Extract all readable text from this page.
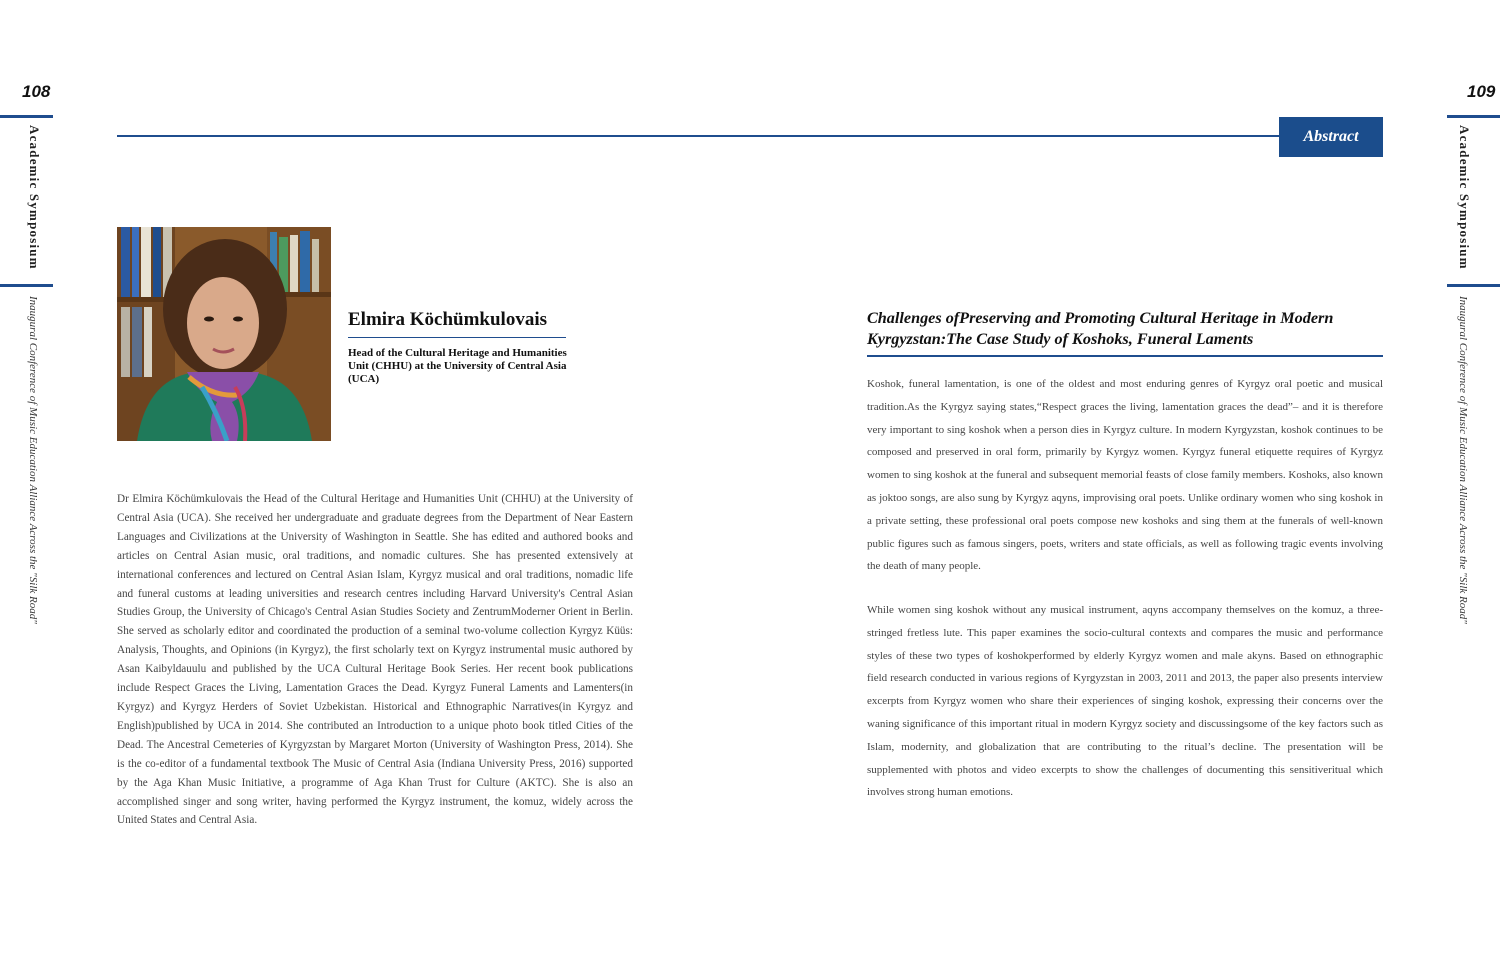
108
Academic Symposium
Inaugural Conference of Music Education Alliance Across the "Silk Road"
109
Academic Symposium
Inaugural Conference of Music Education Alliance Across the "Silk Road"
Abstract
Elmira Köchümkulovais
Head of the Cultural Heritage and Humanities Unit (CHHU) at the University of Central Asia (UCA)

Dr Elmira Köchümkulovais the Head of the Cultural Heritage and Humanities Unit (CHHU) at the University of Central Asia (UCA). She received her undergraduate and graduate degrees from the Department of Near Eastern Languages and Civilizations at the University of Washington in Seattle. She has edited and authored books and articles on Central Asian music, oral traditions, and nomadic cultures. She has presented extensively at international conferences and lectured on Central Asian Islam, Kyrgyz musical and oral traditions, nomadic life and funeral customs at leading universities and research centres including Harvard University's Central Asian Studies Group, the University of Chicago's Central Asian Studies Society and ZentrumModerner Orient in Berlin. She served as scholarly editor and coordinated the production of a seminal two-volume collection Kyrgyz Küüs: Analysis, Thoughts, and Opinions (in Kyrgyz), the first scholarly text on Kyrgyz instrumental music authored by Asan Kaibyldauulu and published by the UCA Cultural Heritage Book Series. Her recent book publications include Respect Graces the Living, Lamentation Graces the Dead. Kyrgyz Funeral Laments and Lamenters(in Kyrgyz) and Kyrgyz Herders of Soviet Uzbekistan. Historical and Ethnographic Narratives(in Kyrgyz and English)published by UCA in 2014. She contributed an Introduction to a unique photo book titled Cities of the Dead. The Ancestral Cemeteries of Kyrgyzstan by Margaret Morton (University of Washington Press, 2014). She is the co-editor of a fundamental textbook The Music of Central Asia (Indiana University Press, 2016) supported by the Aga Khan Music Initiative, a programme of Aga Khan Trust for Culture (AKTC). She is also an accomplished singer and song writer, having performed the Kyrgyz instrument, the komuz, widely across the United States and Central Asia.

Challenges ofPreserving and Promoting Cultural Heritage in Modern Kyrgyzstan:The Case Study of Koshoks, Funeral Laments

Koshok, funeral lamentation, is one of the oldest and most enduring genres of Kyrgyz oral poetic and musical tradition.As the Kyrgyz saying states,“Respect graces the living, lamentation graces the dead”– and it is therefore very important to sing koshok when a person dies in Kyrgyz culture. In modern Kyrgyzstan, koshok continues to be composed and preserved in oral form, primarily by Kyrgyz women. Kyrgyz funeral etiquette requires of Kyrgyz women to sing koshok at the funeral and subsequent memorial feasts of close family members. Koshoks, also known as joktoo songs, are also sung by Kyrgyz aqyns, improvising oral poets. Unlike ordinary women who sing koshok in a private setting, these professional oral poets compose new koshoks and sing them at the funerals of well-known public figures such as famous singers, poets, writers and state officials, as well as following tragic events involving the death of many people.

While women sing koshok without any musical instrument, aqyns accompany themselves on the komuz, a three-stringed fretless lute. This paper examines the socio-cultural contexts and compares the music and performance styles of these two types of koshokperformed by elderly Kyrgyz women and male akyns. Based on ethnographic field research conducted in various regions of Kyrgyzstan in 2003, 2011 and 2013, the paper also presents interview excerpts from Kyrgyz women who share their experiences of singing koshok, expressing their concerns over the waning significance of this important ritual in modern Kyrgyz society and discussingsome of the key factors such as Islam, modernity, and globalization that are contributing to the ritual’s decline. The presentation will be supplemented with photos and video excerpts to show the challenges of documenting this sensitiveritual which involves strong human emotions.
